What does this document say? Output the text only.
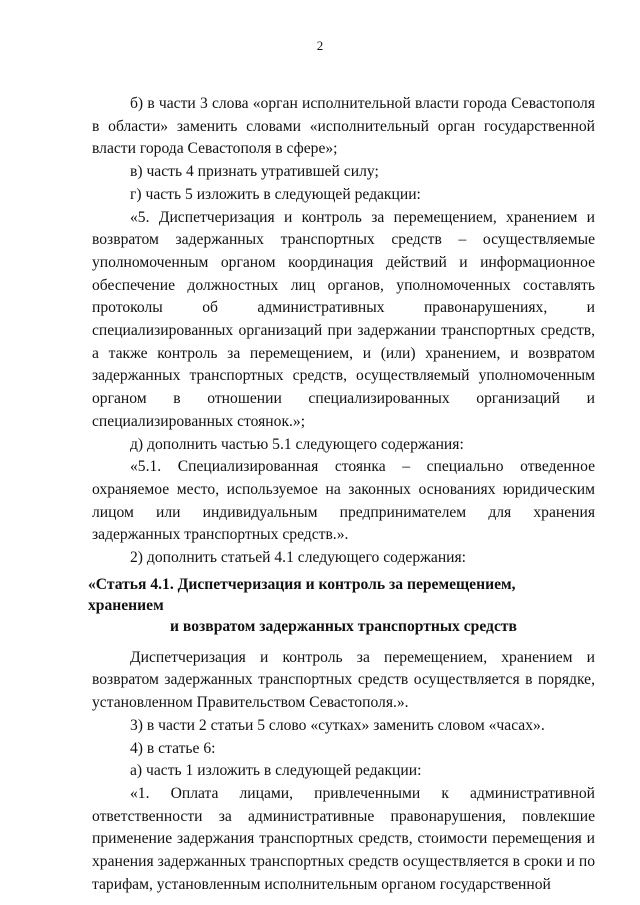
2

б) в части 3 слова «орган исполнительной власти города Севастополя в области» заменить словами «исполнительный орган государственной власти города Севастополя в сфере»;

в) часть 4 признать утратившей силу;

г) часть 5 изложить в следующей редакции:

«5. Диспетчеризация и контроль за перемещением, хранением и возвратом задержанных транспортных средств – осуществляемые уполномоченным органом координация действий и информационное обеспечение должностных лиц органов, уполномоченных составлять протоколы об административных правонарушениях, и специализированных организаций при задержании транспортных средств, а также контроль за перемещением, и (или) хранением, и возвратом задержанных транспортных средств, осуществляемый уполномоченным органом в отношении специализированных организаций и специализированных стоянок.»;

д) дополнить частью 5.1 следующего содержания:

«5.1. Специализированная стоянка – специально отведенное охраняемое место, используемое на законных основаниях юридическим лицом или индивидуальным предпринимателем для хранения задержанных транспортных средств.».

2) дополнить статьей 4.1 следующего содержания:

«Статья 4.1. Диспетчеризация и контроль за перемещением, хранением
и возвратом задержанных транспортных средств

Диспетчеризация и контроль за перемещением, хранением и возвратом задержанных транспортных средств осуществляется в порядке, установленном Правительством Севастополя.».

3) в части 2 статьи 5 слово «сутках» заменить словом «часах».

4) в статье 6:

а) часть 1 изложить в следующей редакции:

«1. Оплата лицами, привлеченными к административной ответственности за административные правонарушения, повлекшие применение задержания транспортных средств, стоимости перемещения и хранения задержанных транспортных средств осуществляется в сроки и по тарифам, установленным исполнительным органом государственной
